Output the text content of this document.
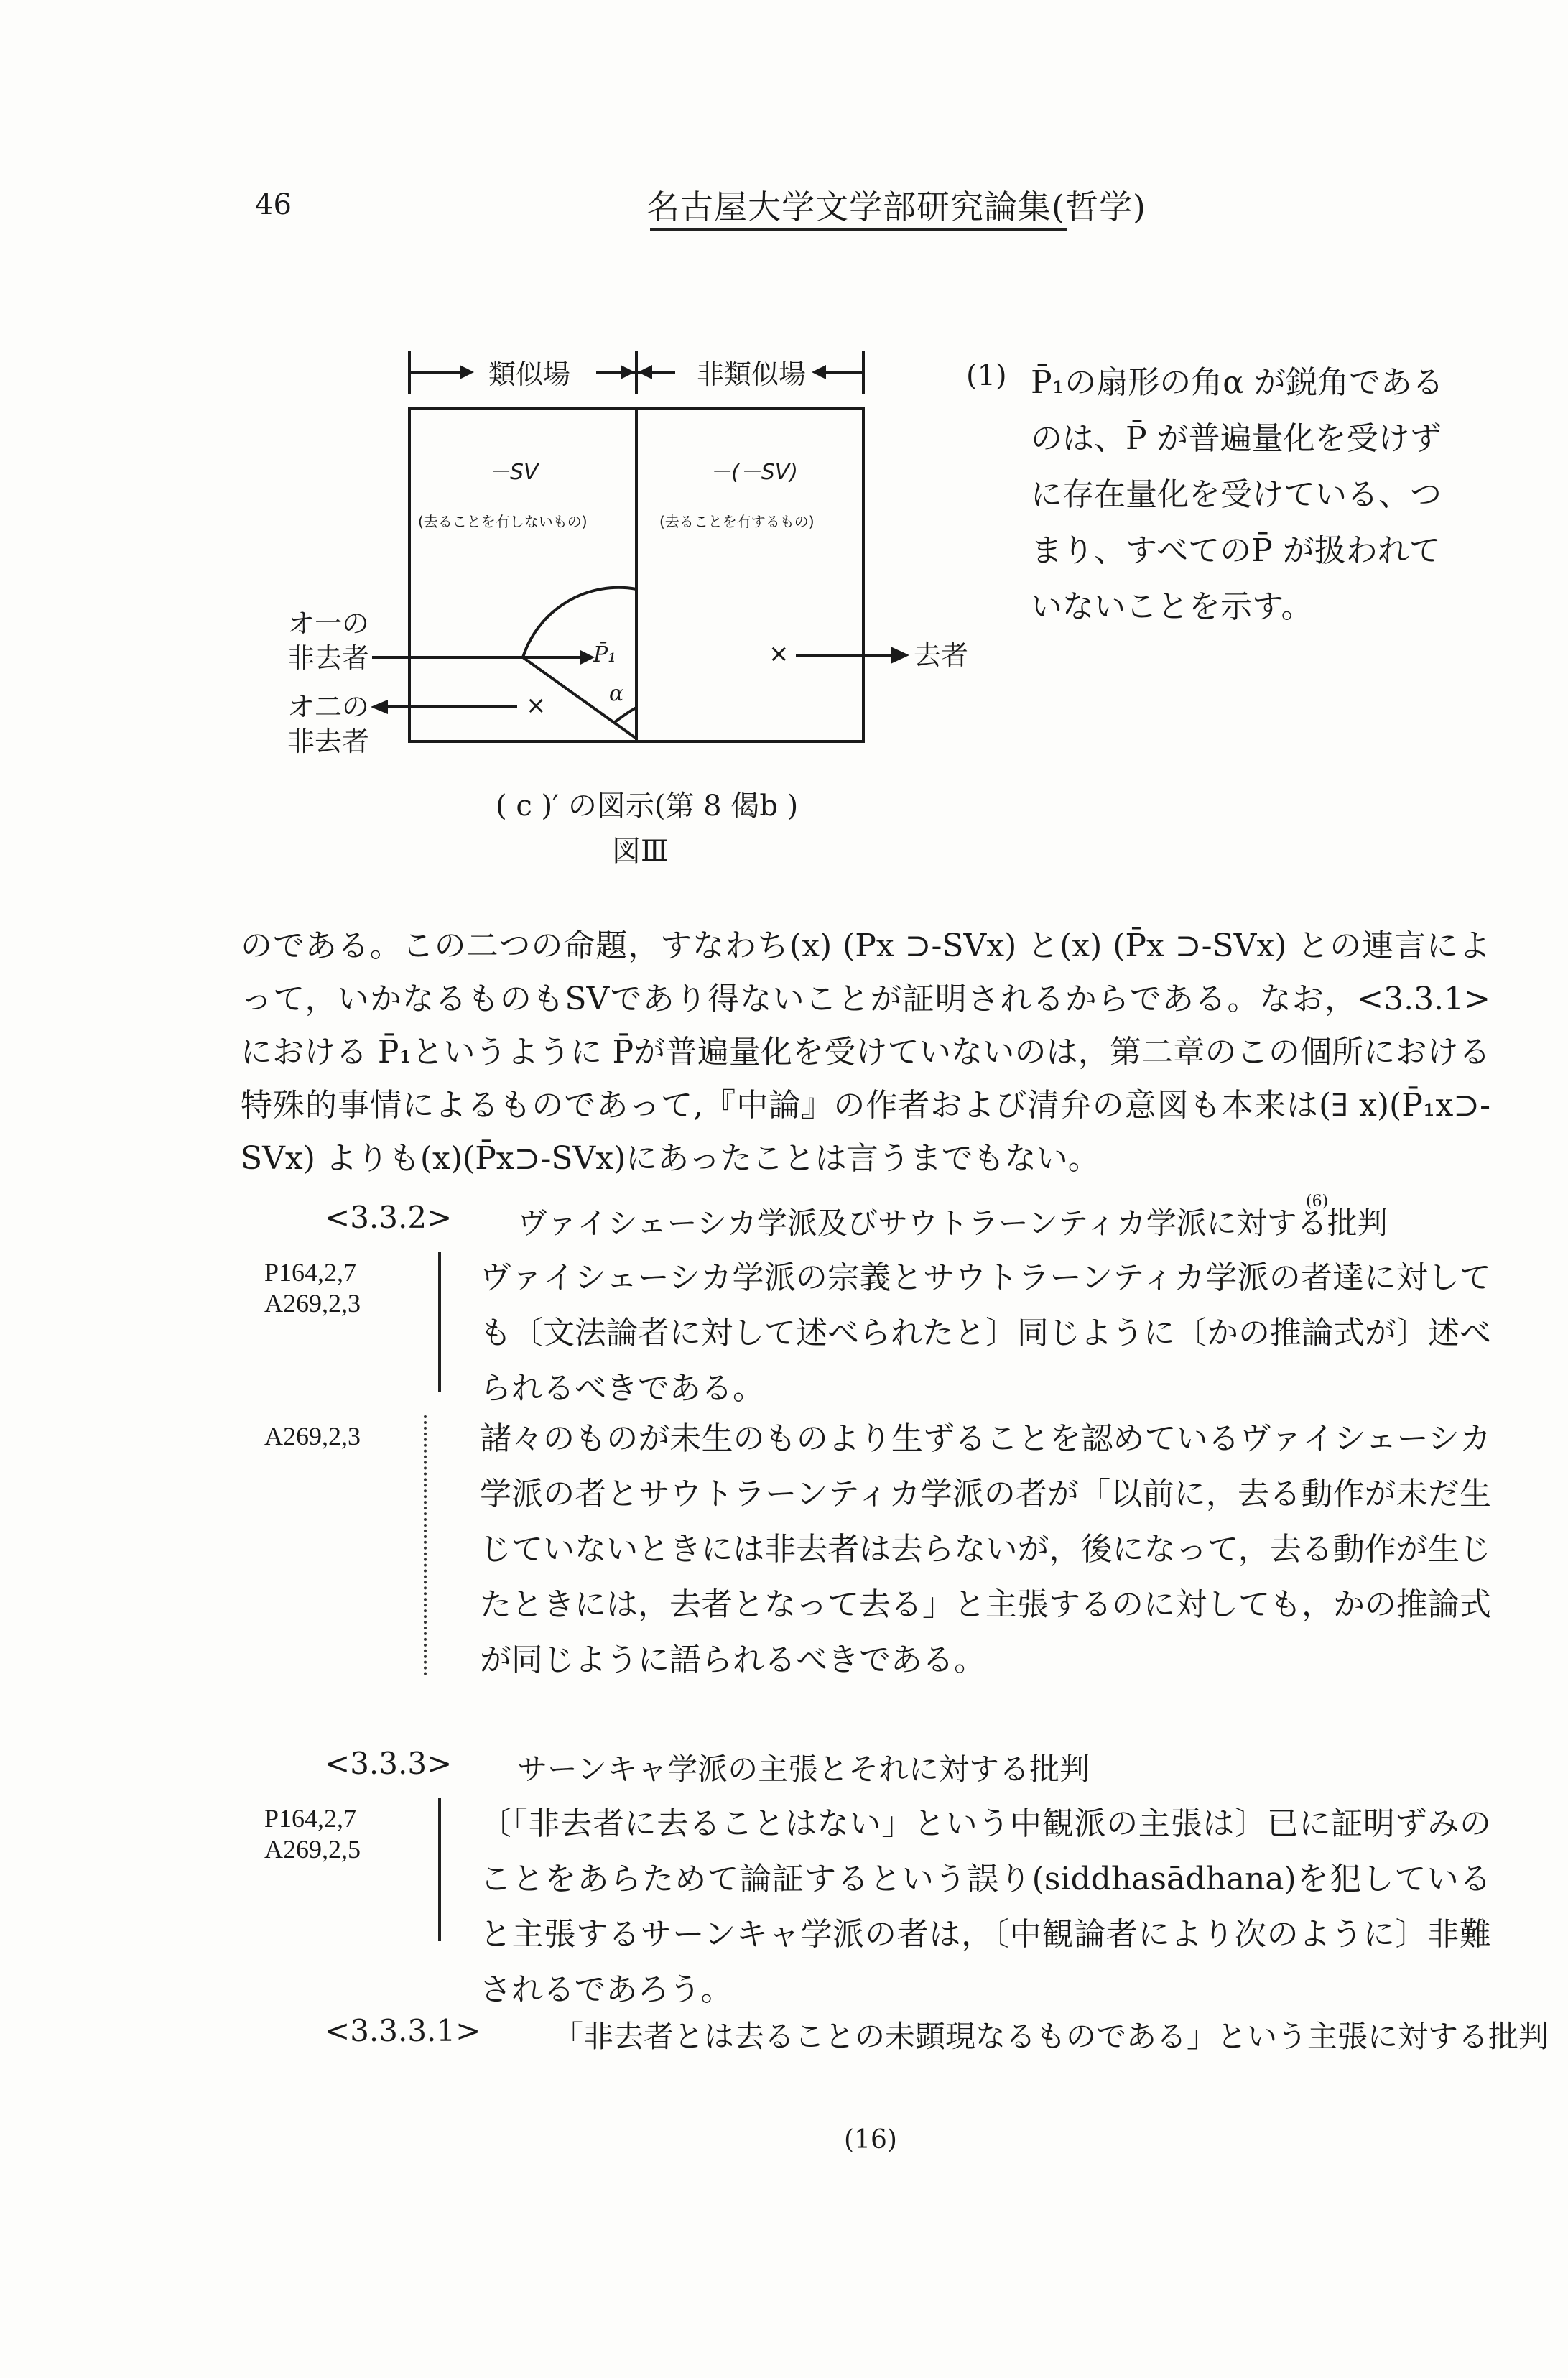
46	名古屋大学文学部研究論集(哲学)
類似場	非類似場
－SV	－(－SV)
(去ることを有しないもの)	(去ることを有するもの)
オ一の 非去者
オ二の 非去者
去者
P̄₁
α
×
×
( c )′ の図示(第 8 偈b )
図Ⅲ
(1) P̄₁の扇形の角α が鋭角であるのは、P̄ が普遍量化を受けずに存在量化を受けている、つまり、すべてのP̄ が扱われていないことを示す。
のである。この二つの命題，すなわち(x) (Px ⊃-SVx) と(x) (P̄x ⊃-SVx) との連言によって，いかなるものもSVであり得ないことが証明されるからである。なお，<3.3.1>における P̄₁というように P̄が普遍量化を受けていないのは，第二章のこの個所における特殊的事情によるものであって,『中論』の作者および清弁の意図も本来は(∃ x)(P̄₁x⊃-SVx) よりも(x)(P̄x⊃-SVx)にあったことは言うまでもない。
<3.3.2> ヴァイシェーシカ学派及びサウトラーンティカ学派に対する批判
(6)
P164,2,7
A269,2,3
ヴァイシェーシカ学派の宗義とサウトラーンティカ学派の者達に対しても〔文法論者に対して述べられたと〕同じように〔かの推論式が〕述べられるべきである。
A269,2,3	諸々のものが未生のものより生ずることを認めているヴァイシェーシカ学派の者とサウトラーンティカ学派の者が「以前に，去る動作が未だ生じていないときには非去者は去らないが，後になって，去る動作が生じたときには，去者となって去る」と主張するのに対しても，かの推論式が同じように語られるべきである。
<3.3.3> サーンキャ学派の主張とそれに対する批判
P164,2,7
A269,2,5
〔「非去者に去ることはない」という中観派の主張は〕已に証明ずみのことをあらためて論証するという誤り(siddhasādhana)を犯していると主張するサーンキャ学派の者は，〔中観論者により次のように〕非難されるであろう。
<3.3.3.1> 「非去者とは去ることの未顕現なるものである」という主張に対する批判
(16)
